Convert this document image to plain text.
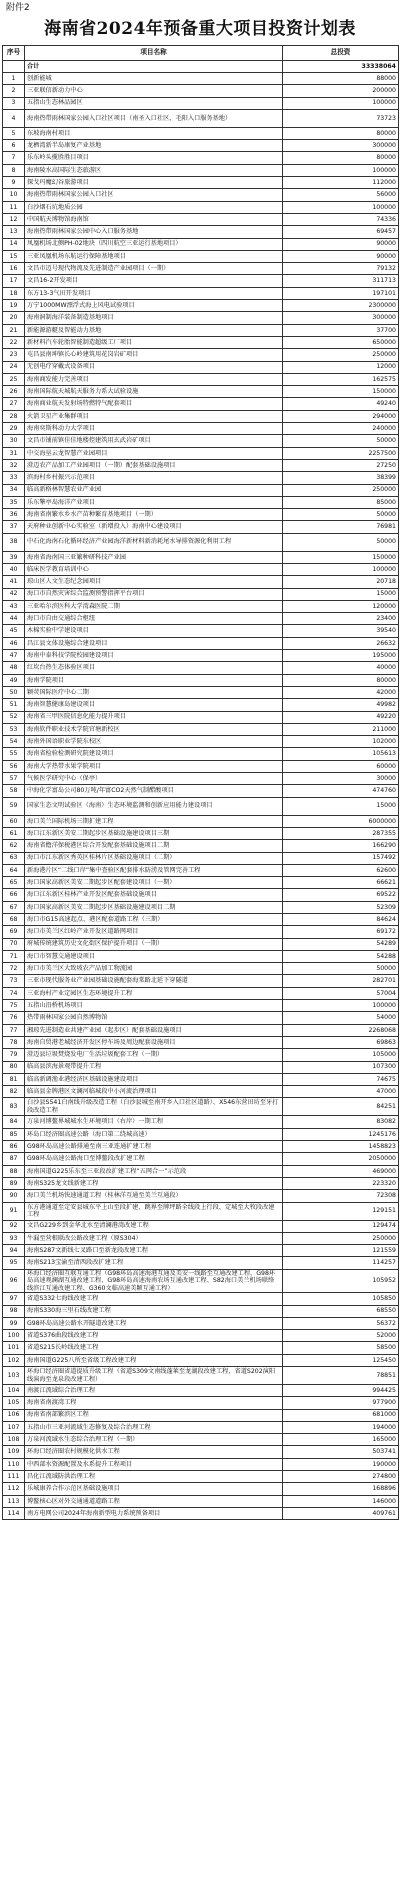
附件2
海南省2024年预备重大项目投资计划表
序号	项目名称	总投资
	合计	33338064
1	创新能城	88000
2	三亚联信新动力中心	200000
3	五指山生态林品园区	100000
4	海南热带雨林国家公园入口社区项目（南圣入口社区、毛阳入口服务基地）	73723
5	东坡海南村项目	80000
6	龙栖湾新半岛康复产业基地	300000
7	乐东岭头揽胜胜目项目	80000
8	海南陵水高国际生态旅游区	100000
9	探戈玛魔幻谷旅游项目	112000
10	海南热带雨林国家公园入口社区	56000
11	白沙烟石坑地质公园	100000
12	中国航天博物馆海南馆	74336
13	海南热带雨林国家公园中心入口服务基地	69457
14	凤凰机场北侧PH-02地块（四川航空三亚运行基地项目）	90000
15	三亚凤凰机场东航运行保障基地项目	90000
16	文昌市迈号现代物流及先进制造产业园项目（一期）	79132
17	文昌16-2开发项目	311713
18	东方13-3气田开发项目	197101
19	万宁1000MW漂浮式海上风电试验项目	2300000
20	海南洞制海洋装备制造基地项目	300000
21	新能源游艇及智能动力基地	37700
22	新材料汽车轮胎智能制造超级工厂项目	650000
23	屯昌县南坤镇长心岭建筑用花岗岩矿项目	250000
24	无创电疗穿戴式设备项目	12000
25	海南商发能力完善项目	162575
26	海南国际航天城航天服务力系大试验设施	150000
27	海南商业航天发射场特燃特气配套项目	49240
28	火箭卫星产业集群项目	294000
29	海南奕斯科动力大学项目	240000
30	文昌市铺前镇佳佳地楼控建筑用玄武岩矿项目	50000
31	中交海垦云龙智慧产业园项目	2257500
32	澄迈农产品加工产业园项目（一期）配套基础设施项目	27250
33	滨海村乡村振兴示范项目	38399
34	临高新格林智慧农业产业园	250000
35	乐东擎亭岛海洋产业项目	85000
36	海南省南繁水乡水产苗种繁育基地项目（一期）	50000
37	天府种业创新中心实验室（新增投入）海南中心建设项目	76981
38	中石化海南石化循环经济产业园海洋新材料新消耗尾水导排资源化利用工程	50000
39	海南省海南国三亚繁种研科技产业园	150000
40	临床医学教育培训中心	100000
41	琼山区人文生态纪念园项目	20718
42	海口市自然灾害综合监测预警指挥平台项目	15000
43	三亚哈尔滨医科大学湾森医院二期	120000
44	海口市自由交通综合枢纽	23400
45	木棉实验中学建设项目	39540
46	昌江县文体设施综合建设项目	26632
47	海南中泰科技学院校园建设项目	195000
48	红坎台热生态体验区项目	40000
49	海南学院项目	80000
50	颖荧国际医疗中心二期	42000
51	海南智慧健康岛建设项目	49982
52	海南省三甲医院信息化能力提升项目	49220
53	海南软件职业技术学院官塘新校区	211000
54	海南外国语职业学院东校区	102000
55	海南省检验检测研究院建设项目	105613
56	海南大学热带水果学院项目	60000
57	气候医学研究中心（保亭）	30000
58	中海化学富岛公司80万吨/年富CO2天然气制醋酸项目	474760
59	国家生态文明试验区（海南）生态环境监测和创新应用能力建设项目	15000
60	海口美兰国际机场三期扩建工程	6000000
61	海口江东新区美安二期起步区基础设施建设项目三期	287355
62	海南省儋洋保税港区综合开发配套基础设施项目二期	166290
63	海口市江东新区秀英区桂林片区基础设施项目（二期）	157492
64	新海港片区“二线口岸”集中查验区配套排水防涝及管网完善工程	62600
65	海口国家高新区美安二期起步区配套建设项目（一期）	66621
66	海口江东新区桂林产业开发区配套基础设施项目	69522
67	海口国家高新区美安二期起步区基础设施建设项目二期	52309
68	海口市G15高速起点、港区配套道路工程（三期）	84624
69	海口市美兰区红岭产业开发区道路网项目	69172
70	府城传统建筑历史文化街区保护提升项目（一期）	54289
71	海口市智慧交通建设项目	54288
72	海口市美兰区大致坡农产品加工物流园	50000
73	三亚市现代服务业产业园基础设施配套海棠路北延下穿隧道	282701
74	三亚海村产业定园区生态环境提升工程	57004
75	五指山沿桥机场项目	100000
76	热带雨林国家公园自然博物馆	54000
77	湘琼先进制造业共建产业园（起步区）配套基础设施项目	2268068
78	海南自贸港老城经济开发区停车场及周边配套设施项目	69863
79	澄迈县垃圾焚烧发电厂生活垃圾配套工程（一期）	105000
80	临高县滨海景观带提升工程	107300
81	临高新调渔业港经济区基础设施建设项目	74675
82	临高县金牌港区文澜河临城段中小河流治理项目	47000
83	白沙县S541白南线升级改造工程（白沙县城至南开乡入口社区道路）、X546东营田坊至牙打段改造工程	84251
84	万泉河博鳌界城城水生环境项目（右岸）一期工程	83082
85	环岛口经济圈高速公路（海口第二绕城高速）	1245176
86	G98环岛高速公路排通至南三亚连通扩建工程	1458823
87	G98环岛高速公路海口至博鳌段改扩建工程	2050000
88	海南国道G225乐东至三亚段改扩建工程“五网合一”示范段	469000
89	海南S325龙文线新建工程	223320
90	海口美兰机场快速通道工程（桂林洋互通至美兰互通段）	72308
91	东方港通道至定安县城东平上山至段扩建、跳界至牌坪路全线段上行段、定城至大牧段改建工程	129151
92	文昌G229乡到金华北水至清澜港湾改建工程	129474
93	牛漏至营根联改公路改建工程（原S304）	250000
94	海南S287文新线七叉路口至新龙段改建工程	121559
95	海南S213宝渝至清西段改扩建工程	114257
96	环海口经济圈互联互通工程（G98环岛高速海港互通及美安一线路至互通改建工程、G98环岛高速观澜湖互通改建工程、G98环岛高速海南农场互通改建工程、S82海口美兰机场联络线滨江互通改建工程、G360文临高速美颖互通工程）	105952
97	省道S332七海线改建工程	105850
98	海南S330海三里石线改建工程	68550
99	G98环岛高速公路水开隧道改建工程	56372
100	省道S376曲段线改建工程	52000
101	省道S215长岭线改建工程	58500
102	海南国道G225八所至省级工程改建工程	125450
103	环海口经济圈省道提质升级工程（省道S309文南线蓬莱至龙湖段改建工程、省道S202演阳线演海至龙泉段改建工程）	78851
104	南渡江流域综合治理工程	994425
105	海南省南渡湾工程	977900
106	海南省南部繁滨区工程	681000
107	五指山市三亚河流域生态修复及综合治理工程	194000
108	万泉河流域水生态综合治理工程（一期）	165000
109	环海口经济圈农村规模化供水工程	503741
110	中西部水资源配置及水系提升工程项目	190000
111	昌化江流域防洪治理工程	274800
112	乐城康养合作示范区基础设施项目	168896
113	博鳌核心区对外交通通道道路工程	146000
114	南方电网公司2024年海南新型电力系统预备项目	409761
